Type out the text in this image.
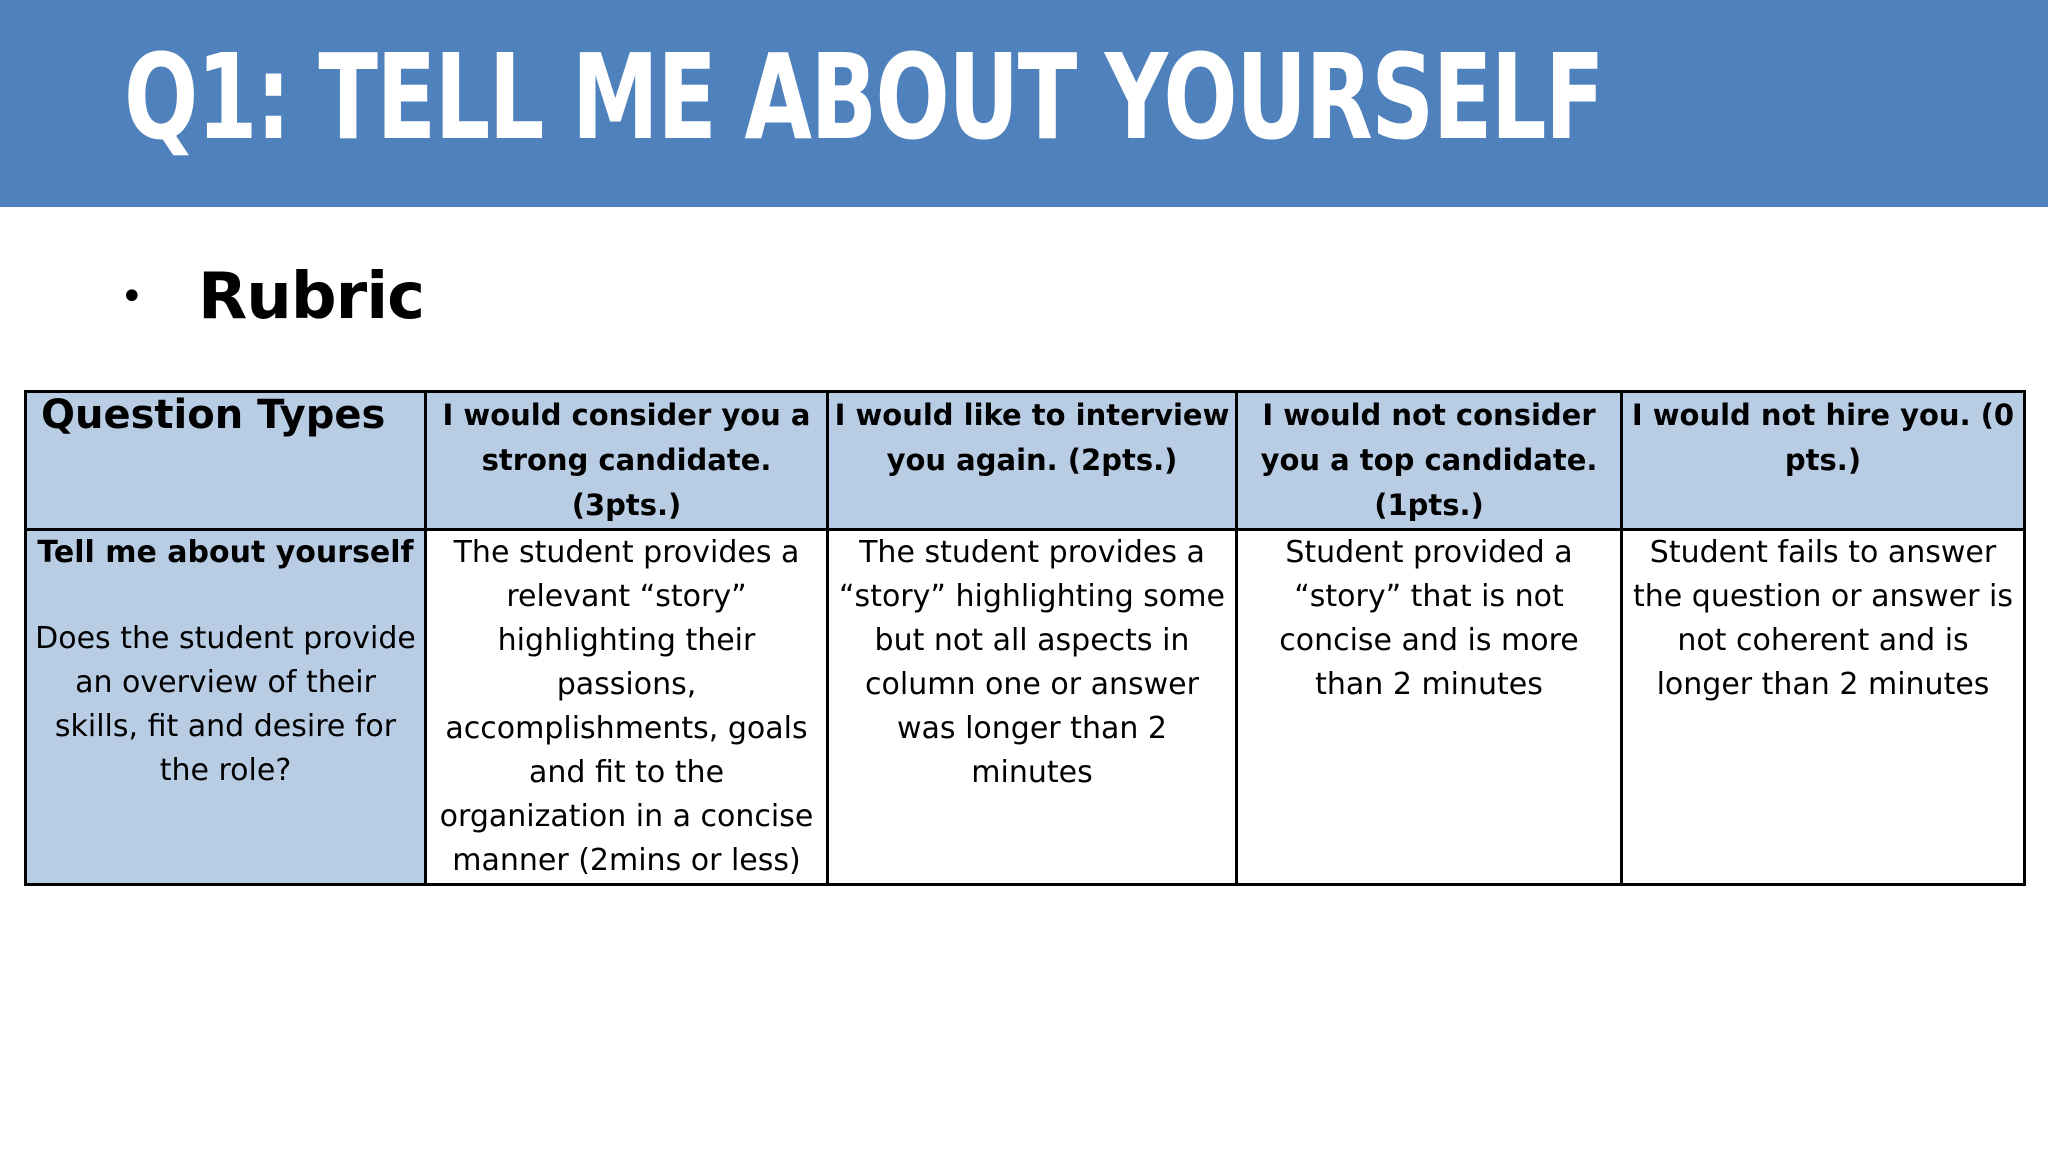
Q1: TELL ME ABOUT YOURSELF
• Rubric
Question Types	I would consider you a strong candidate. (3pts.)	I would like to interview you again. (2pts.)	I would not consider you a top candidate. (1pts.)	I would not hire you. (0 pts.)

Tell me about yourself
Does the student provide an overview of their skills, fit and desire for the role?	The student provides a relevant “story” highlighting their passions, accomplishments, goals and fit to the organization in a concise manner (2mins or less)	The student provides a “story” highlighting some but not all aspects in column one or answer was longer than 2 minutes	Student provided a “story” that is not concise and is more than 2 minutes	Student fails to answer the question or answer is not coherent and is longer than 2 minutes
